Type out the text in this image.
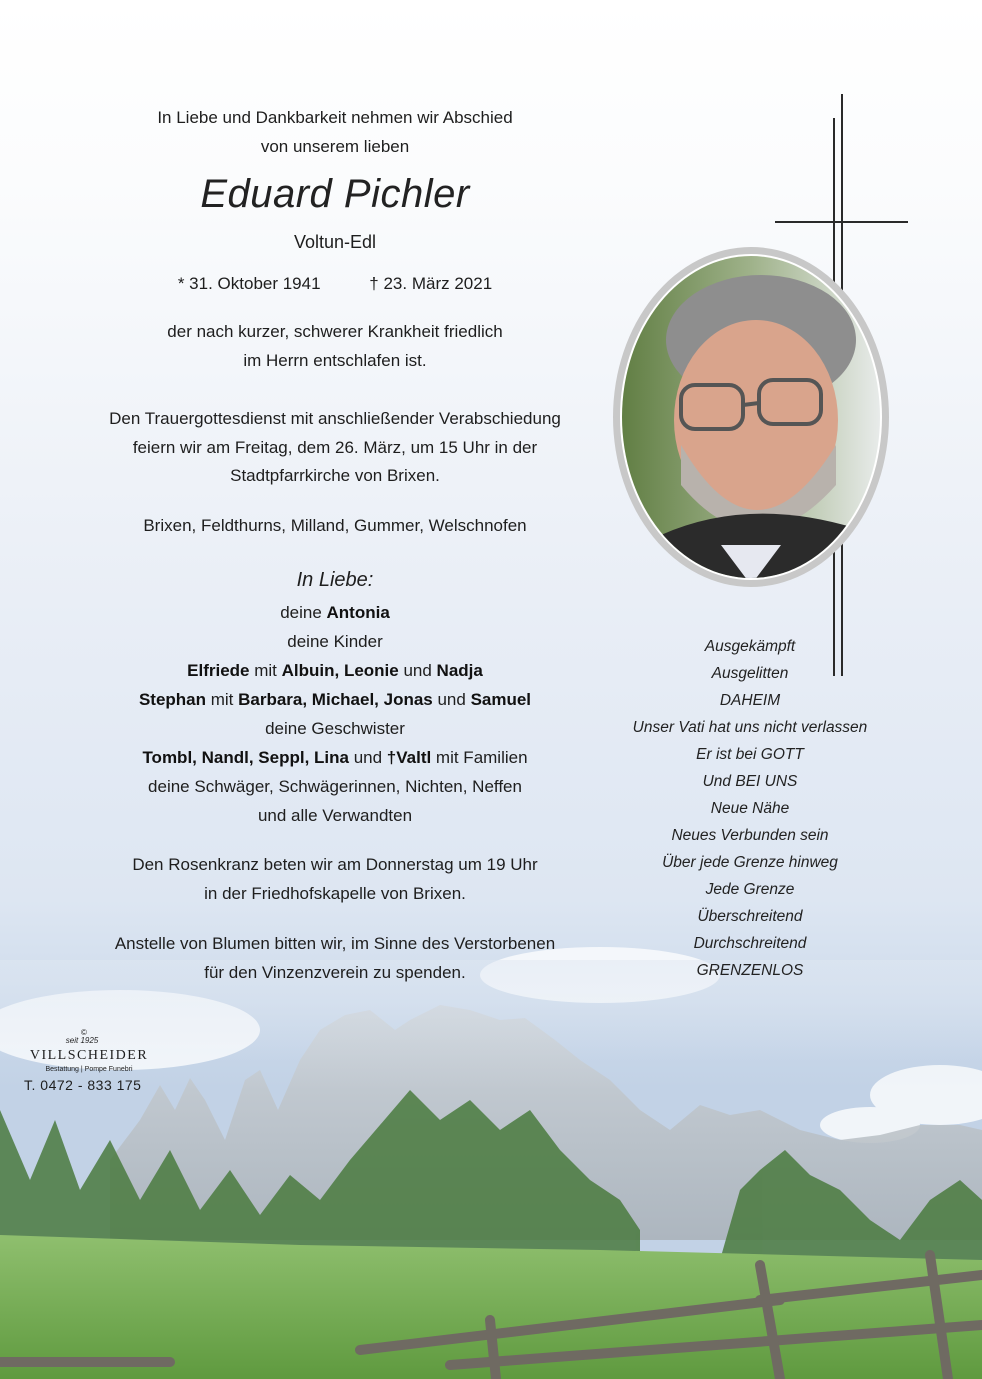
In Liebe und Dankbarkeit nehmen wir Abschied
von unserem lieben
Eduard Pichler
Voltun-Edl
* 31. Oktober 1941	† 23. März 2021
der nach kurzer, schwerer Krankheit friedlich
im Herrn entschlafen ist.
Den Trauergottesdienst mit anschließender Verabschiedung
feiern wir am Freitag, dem 26. März, um 15 Uhr in der
Stadtpfarrkirche von Brixen.
Brixen, Feldthurns, Milland, Gummer, Welschnofen
In Liebe:
deine Antonia
deine Kinder
Elfriede mit Albuin, Leonie und Nadja
Stephan mit Barbara, Michael, Jonas und Samuel
deine Geschwister
Tombl, Nandl, Seppl, Lina und †Valtl mit Familien
deine Schwäger, Schwägerinnen, Nichten, Neffen
und alle Verwandten
Den Rosenkranz beten wir am Donnerstag um 19 Uhr
in der Friedhofskapelle von Brixen.
Anstelle von Blumen bitten wir, im Sinne des Verstorbenen
für den Vinzenzverein zu spenden.
Ausgekämpft
Ausgelitten
DAHEIM
Unser Vati hat uns nicht verlassen
Er ist bei GOTT
Und BEI UNS
Neue Nähe
Neues Verbunden sein
Über jede Grenze hinweg
Jede Grenze
Überschreitend
Durchschreitend
GRENZENLOS
©
seit 1925
VILLSCHEIDER
Bestattung | Pompe Funebri
T. 0472 - 833 175
